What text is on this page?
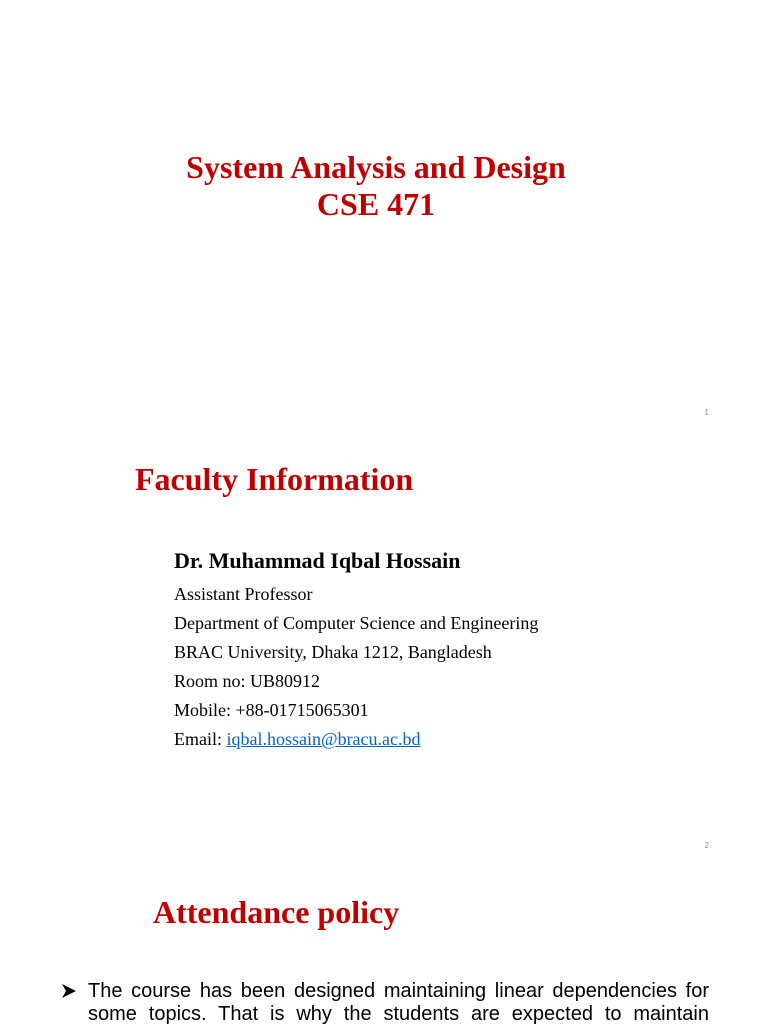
System Analysis and Design
CSE 471
1
Faculty Information

Dr. Muhammad Iqbal Hossain

Assistant Professor
Department of Computer Science and Engineering
BRAC University, Dhaka 1212, Bangladesh
Room no: UB80912
Mobile: +88-01715065301
Email: iqbal.hossain@bracu.ac.bd
2
Attendance policy

The course has been designed maintaining linear dependencies for some topics. That is why the students are expected to maintain
